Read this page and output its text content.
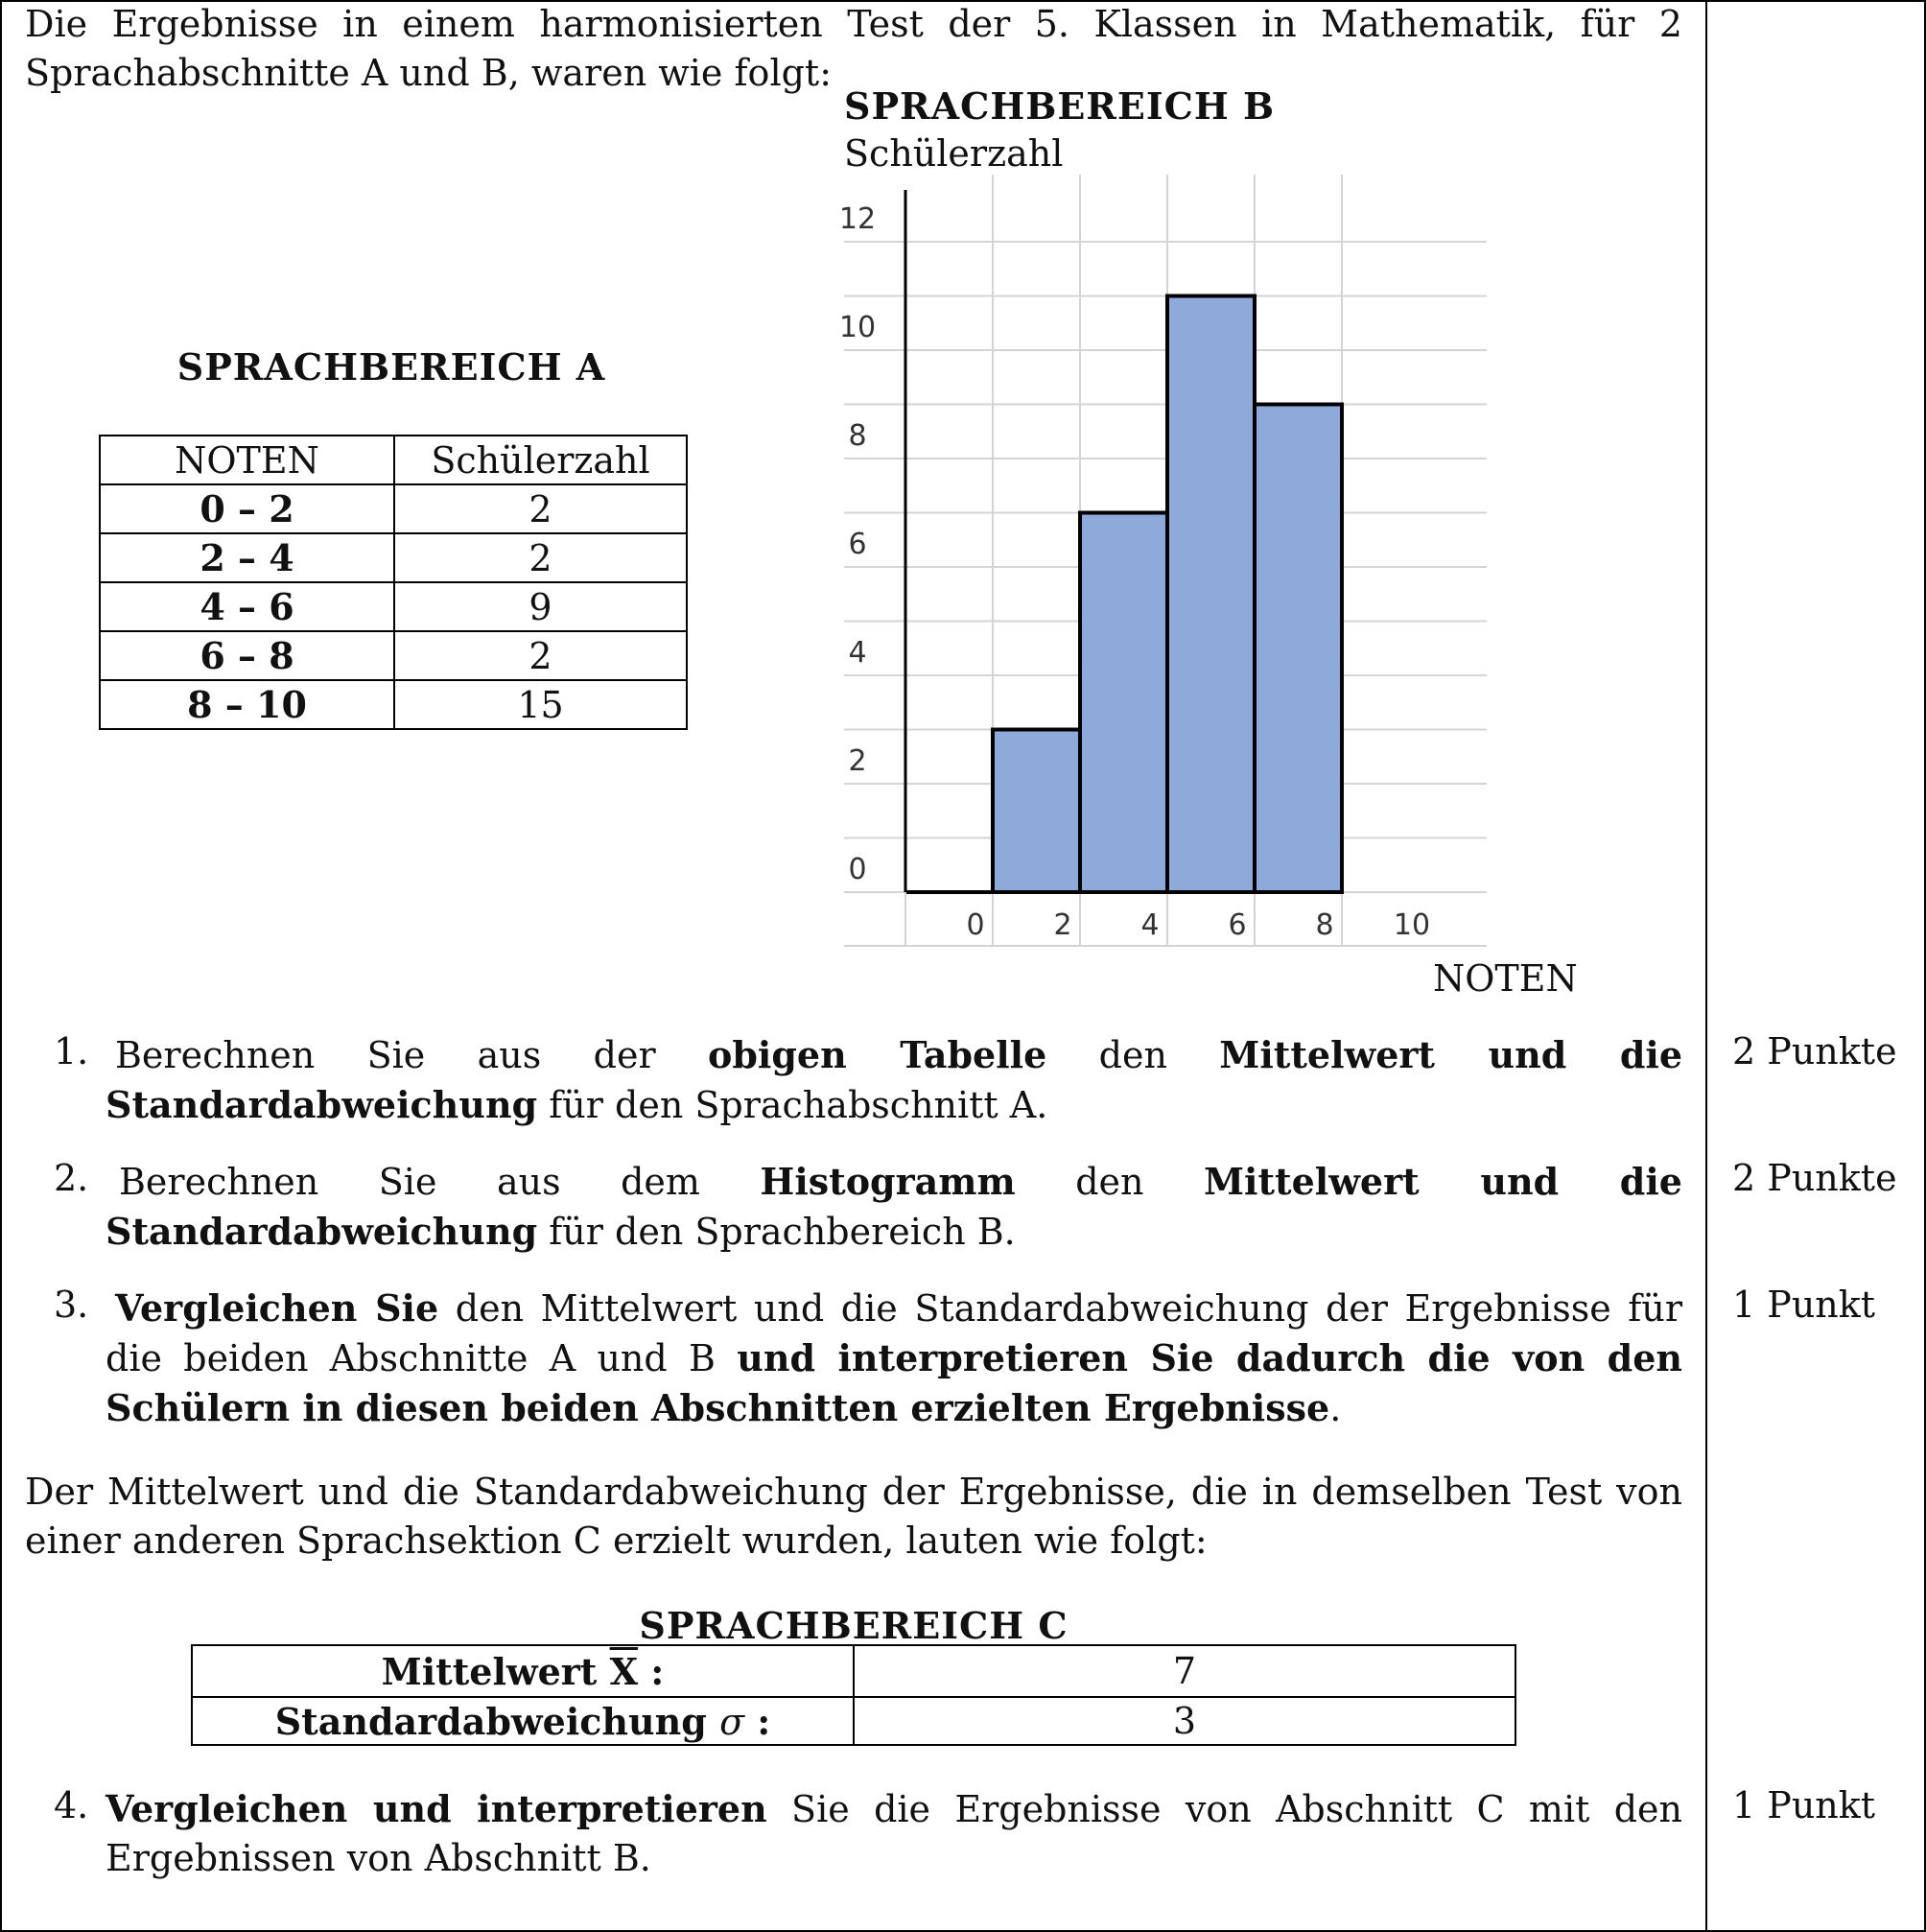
Die Ergebnisse in einem harmonisierten Test der 5. Klassen in Mathematik, für 2 Sprachabschnitte A und B, waren wie folgt:
SPRACHBEREICH A
NOTEN	Schülerzahl
0 – 2	2
2 – 4	2
4 – 6	9
6 – 8	2
8 – 10	15
SPRACHBEREICH B
Schülerzahl
0
2
4
6
8
10
12
0 2 4 6 8 10
NOTEN
1. Berechnen Sie aus der obigen Tabelle den Mittelwert und die Standardabweichung für den Sprachabschnitt A.
2 Punkte
2. Berechnen Sie aus dem Histogramm den Mittelwert und die Standardabweichung für den Sprachbereich B.
2 Punkte
3. Vergleichen Sie den Mittelwert und die Standardabweichung der Ergebnisse für die beiden Abschnitte A und B und interpretieren Sie dadurch die von den Schülern in diesen beiden Abschnitten erzielten Ergebnisse.
1 Punkt
Der Mittelwert und die Standardabweichung der Ergebnisse, die in demselben Test von einer anderen Sprachsektion C erzielt wurden, lauten wie folgt:
SPRACHBEREICH C
Mittelwert $\overline{X}$ :	7
Standardabweichung σ :	3
4. Vergleichen und interpretieren Sie die Ergebnisse von Abschnitt C mit den Ergebnissen von Abschnitt B.
1 Punkt
